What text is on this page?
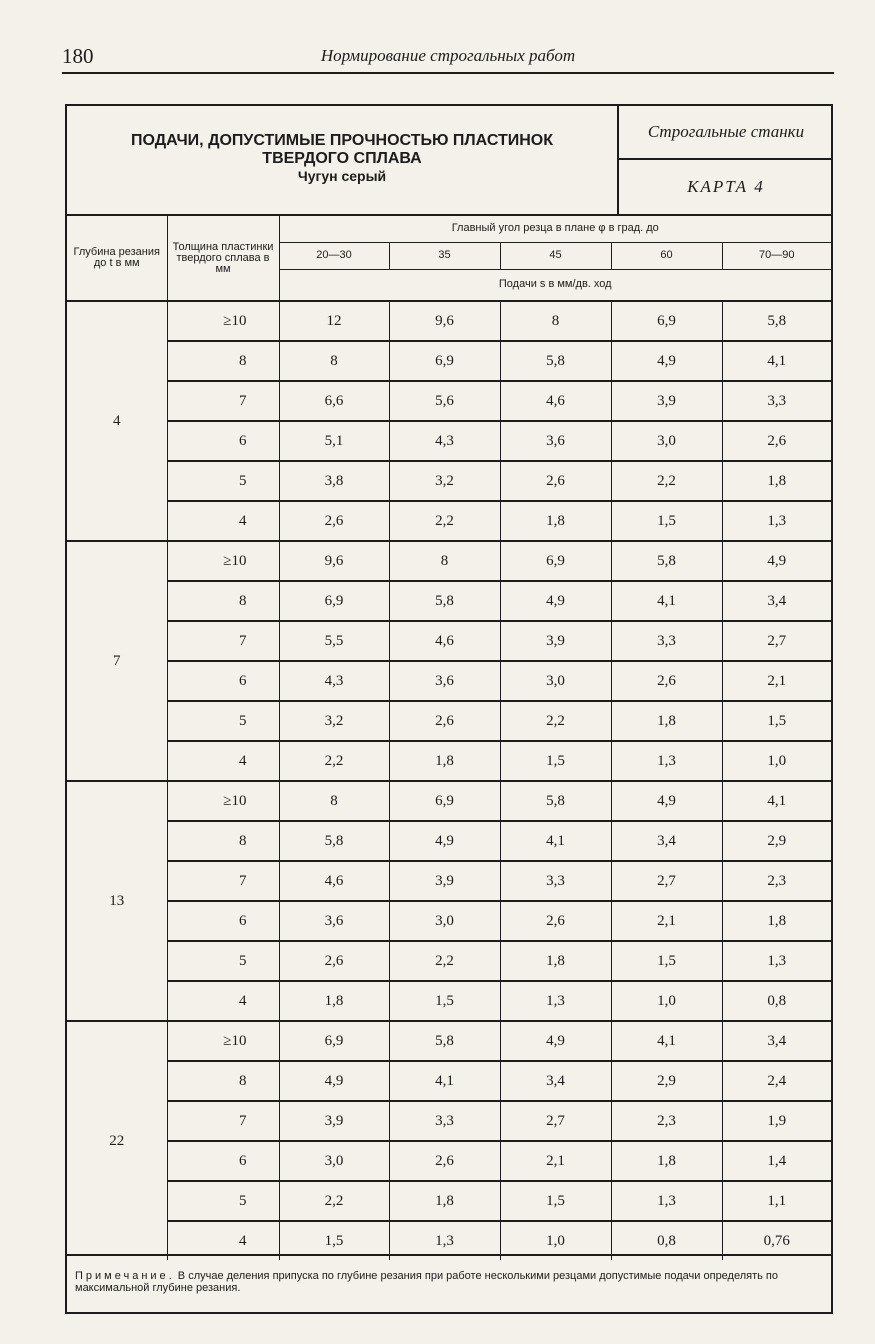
180	Нормирование строгальных работ
ПОДАЧИ, ДОПУСТИМЫЕ ПРОЧНОСТЬЮ ПЛАСТИНОК
ТВЕРДОГО СПЛАВА
Чугун серый
Строгальные станки
КАРТА 4
Глубина резания до t в мм	Толщина пластинки твердого сплава в мм	Главный угол резца в плане φ в град. до				
		20—30	35	45	60	70—90
		Подачи s в мм/дв. ход				
4	≥10	12	9,6	8	6,9	5,8
	8	8	6,9	5,8	4,9	4,1
	7	6,6	5,6	4,6	3,9	3,3
	6	5,1	4,3	3,6	3,0	2,6
	5	3,8	3,2	2,6	2,2	1,8
	4	2,6	2,2	1,8	1,5	1,3
7	≥10	9,6	8	6,9	5,8	4,9
	8	6,9	5,8	4,9	4,1	3,4
	7	5,5	4,6	3,9	3,3	2,7
	6	4,3	3,6	3,0	2,6	2,1
	5	3,2	2,6	2,2	1,8	1,5
	4	2,2	1,8	1,5	1,3	1,0
13	≥10	8	6,9	5,8	4,9	4,1
	8	5,8	4,9	4,1	3,4	2,9
	7	4,6	3,9	3,3	2,7	2,3
	6	3,6	3,0	2,6	2,1	1,8
	5	2,6	2,2	1,8	1,5	1,3
	4	1,8	1,5	1,3	1,0	0,8
22	≥10	6,9	5,8	4,9	4,1	3,4
	8	4,9	4,1	3,4	2,9	2,4
	7	3,9	3,3	2,7	2,3	1,9
	6	3,0	2,6	2,1	1,8	1,4
	5	2,2	1,8	1,5	1,3	1,1
	4	1,5	1,3	1,0	0,8	0,76
Примечание. В случае деления припуска по глубине резания при работе несколькими резцами допустимые подачи определять по максимальной глубине резания.
